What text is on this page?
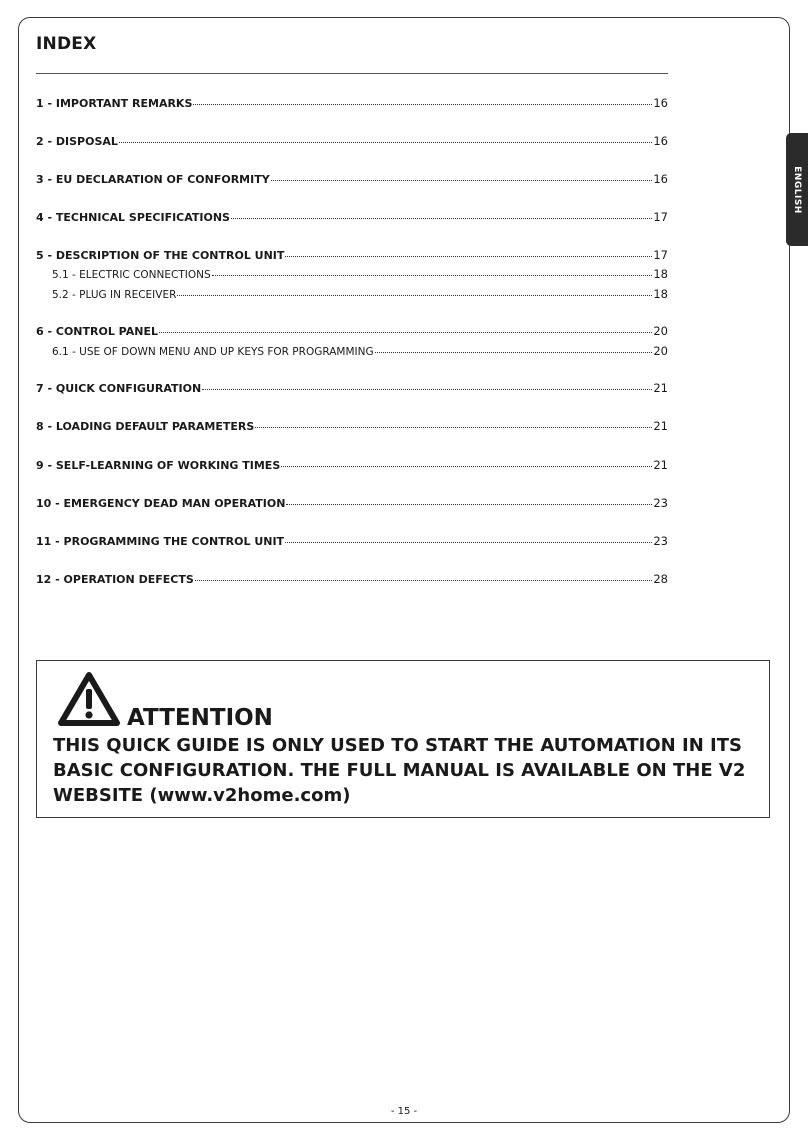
INDEX
ENGLISH
1 - IMPORTANT REMARKS	16
2 - DISPOSAL	16
3 - EU DECLARATION OF CONFORMITY	16
4 - TECHNICAL SPECIFICATIONS	17
5 - DESCRIPTION OF THE CONTROL UNIT	17
5.1 - ELECTRIC CONNECTIONS	18
5.2 - PLUG IN RECEIVER	18
6 - CONTROL PANEL	20
6.1 - USE OF DOWN MENU AND UP KEYS FOR PROGRAMMING	20
7 - QUICK CONFIGURATION	21
8 - LOADING DEFAULT PARAMETERS	21
9 - SELF-LEARNING OF WORKING TIMES	21
10 - EMERGENCY DEAD MAN OPERATION	23
11 - PROGRAMMING THE CONTROL UNIT	23
12 - OPERATION DEFECTS	28
ATTENTION
THIS QUICK GUIDE IS ONLY USED TO START THE AUTOMATION IN ITS BASIC CONFIGURATION. THE FULL MANUAL IS AVAILABLE ON THE V2 WEBSITE (www.v2home.com)
- 15 -
